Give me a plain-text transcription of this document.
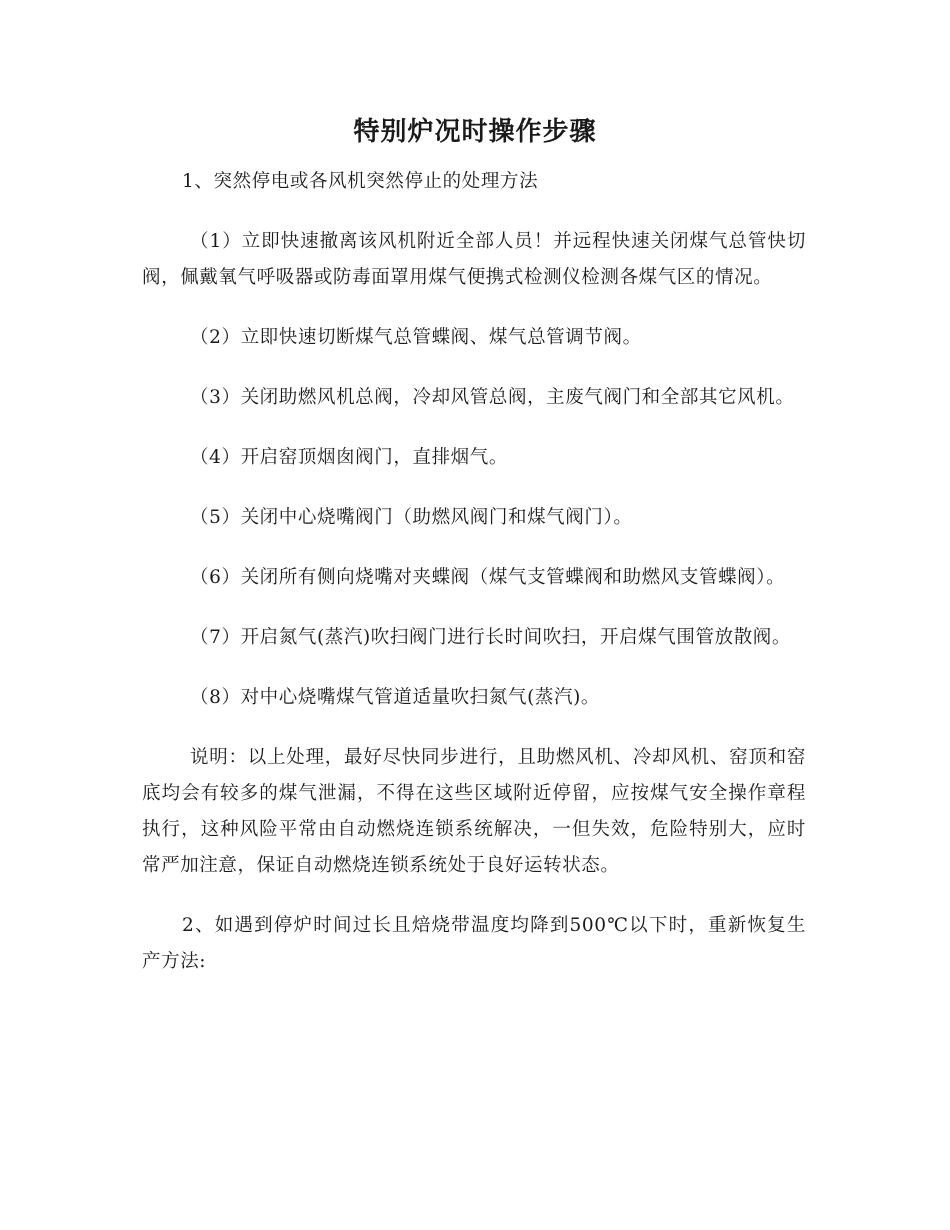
特别炉况时操作步骤

1、突然停电或各风机突然停止的处理方法

（1）立即快速撤离该风机附近全部人员！并远程快速关闭煤气总管快切阀，佩戴氧气呼吸器或防毒面罩用煤气便携式检测仪检测各煤气区的情况。

（2）立即快速切断煤气总管蝶阀、煤气总管调节阀。

（3）关闭助燃风机总阀，冷却风管总阀，主废气阀门和全部其它风机。

（4）开启窑顶烟囱阀门，直排烟气。

（5）关闭中心烧嘴阀门（助燃风阀门和煤气阀门）。

（6）关闭所有侧向烧嘴对夹蝶阀（煤气支管蝶阀和助燃风支管蝶阀）。

（7）开启氮气(蒸汽)吹扫阀门进行长时间吹扫，开启煤气围管放散阀。

（8）对中心烧嘴煤气管道适量吹扫氮气(蒸汽)。

说明：以上处理，最好尽快同步进行，且助燃风机、冷却风机、窑顶和窑底均会有较多的煤气泄漏，不得在这些区域附近停留，应按煤气安全操作章程执行，这种风险平常由自动燃烧连锁系统解决，一但失效，危险特别大，应时常严加注意，保证自动燃烧连锁系统处于良好运转状态。

2、如遇到停炉时间过长且焙烧带温度均降到500℃以下时，重新恢复生产方法:
